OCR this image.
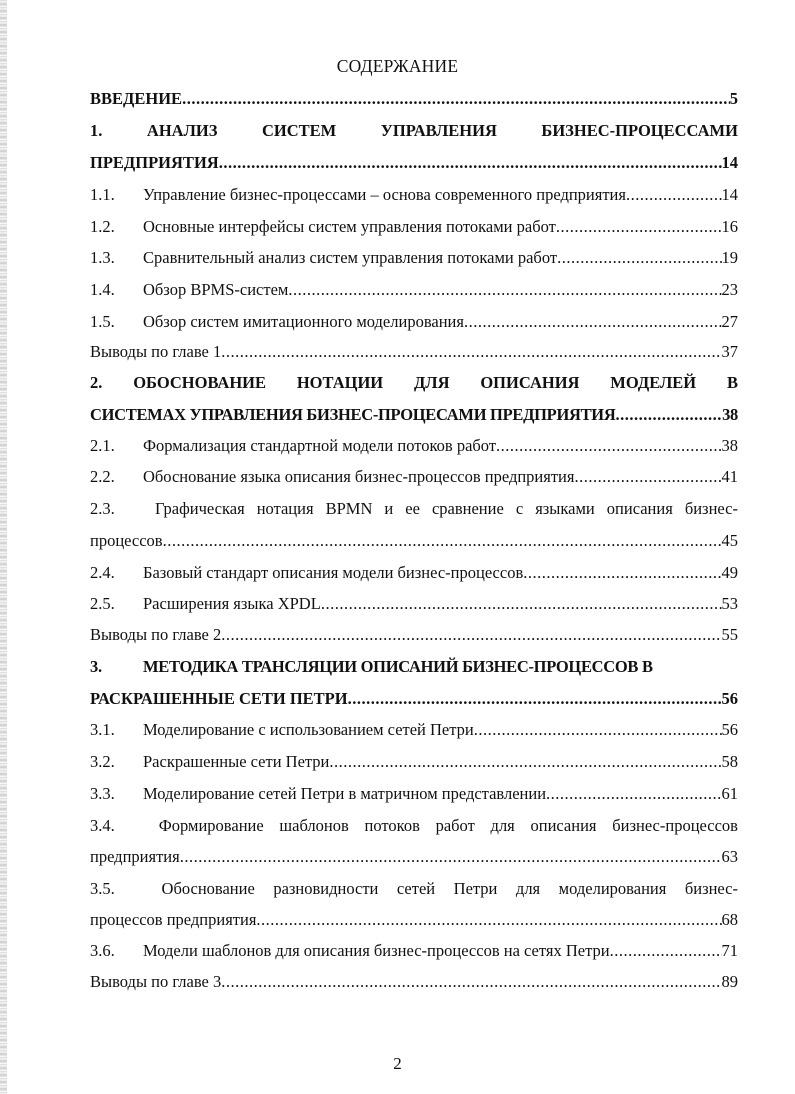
СОДЕРЖАНИЕ
ВВЕДЕНИЕ .....	5
1.	АНАЛИЗ	СИСТЕМ	УПРАВЛЕНИЯ	БИЗНЕС-ПРОЦЕССАМИ
ПРЕДПРИЯТИЯ .....	14
1.1.	Управление бизнес-процессами – основа современного предприятия .....	14
1.2.	Основные интерфейсы систем управления потоками работ .....	16
1.3.	Сравнительный анализ систем управления потоками работ .....	19
1.4.	Обзор BPMS-систем .....	23
1.5.	Обзор систем имитационного моделирования .....	27
Выводы по главе 1 .....	37
2. ОБОСНОВАНИЕ НОТАЦИИ ДЛЯ ОПИСАНИЯ МОДЕЛЕЙ В
СИСТЕМАХ УПРАВЛЕНИЯ БИЗНЕС-ПРОЦЕСАМИ ПРЕДПРИЯТИЯ .....	38
2.1.	Формализация стандартной модели потоков работ .....	38
2.2.	Обоснование языка описания бизнес-процессов предприятия .....	41
2.3.	Графическая нотация BPMN и ее сравнение с языками описания бизнес-
процессов .....	45
2.4.	Базовый стандарт описания модели бизнес-процессов .....	49
2.5.	Расширения языка XPDL .....	53
Выводы по главе 2 .....	55
3.	МЕТОДИКА ТРАНСЛЯЦИИ ОПИСАНИЙ БИЗНЕС-ПРОЦЕССОВ В
РАСКРАШЕННЫЕ СЕТИ ПЕТРИ .....	56
3.1.	Моделирование с использованием сетей Петри .....	56
3.2.	Раскрашенные сети Петри .....	58
3.3.	Моделирование сетей Петри в матричном представлении .....	61
3.4.	Формирование шаблонов потоков работ для описания бизнес-процессов
предприятия .....	63
3.5.	Обоснование разновидности сетей Петри для моделирования бизнес-
процессов предприятия .....	68
3.6.	Модели шаблонов для описания бизнес-процессов на сетях Петри .....	71
Выводы по главе 3 .....	89
2
